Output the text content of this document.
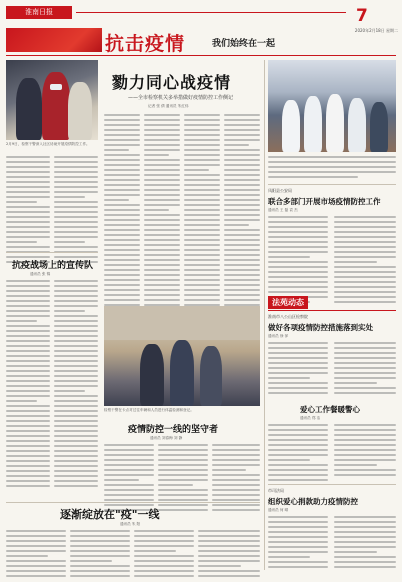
淮南日报
抗击疫情	我们始终在一起
7
2020年2月18日 星期二
2月9日，检察干警深入社区协助开展疫情防控工作。
勠力同心战疫情
——全市检察机关多举措做好疫情防控工作侧记
记者 张 倩 通讯员 朱红伟
凤阳县公安局
联合多部门开展市场疫情防控工作
通讯员 王 磊 袁 杰
法苑动态
淮南市八公山区检察院
做好各项疫情防控措施落到实处
通讯员 徐 萍
爱心工作餐暖警心
通讯员 郑 洁
市司法局
组织爱心捐款助力疫情防控
通讯员 何 晴
抗疫战场上的宣传队
通讯员 张 锦
检察干警在卡点对过往车辆和人员进行体温检测和登记。
疫情防控一线的坚守者
通讯员 刘春梅 刘 静
逐渐绽放在"疫"一线
通讯员 朱 阳
